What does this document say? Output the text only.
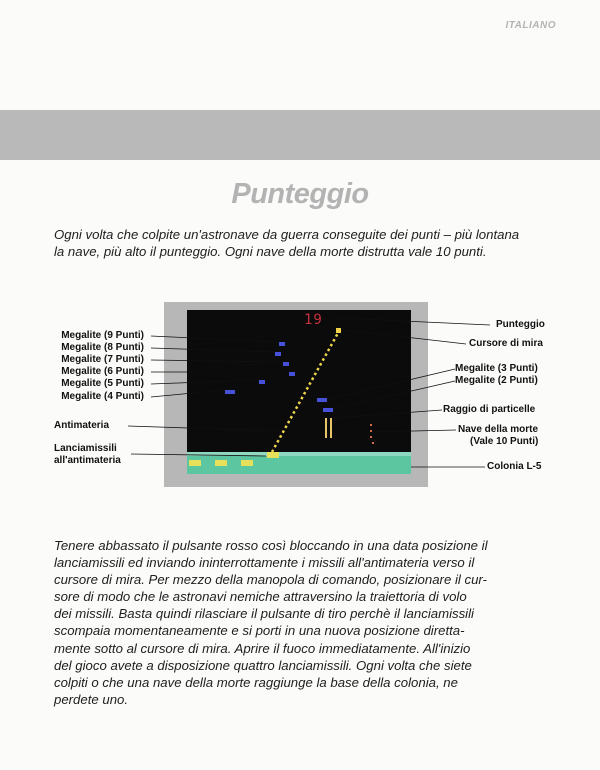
ITALIANO
Punteggio
Ogni volta che colpite un'astronave da guerra conseguite dei punti – più lontana
la nave, più alto il punteggio. Ogni nave della morte distrutta vale 10 punti.
19
Megalite (9 Punti)
Megalite (8 Punti)
Megalite (7 Punti)
Megalite (6 Punti)
Megalite (5 Punti)
Megalite (4 Punti)
Antimateria
Lanciamissili
all'antimateria
Punteggio
Cursore di mira
Megalite (3 Punti)
Megalite (2 Punti)
Raggio di particelle
Nave della morte
(Vale 10 Punti)
Colonia L-5
Tenere abbassato il pulsante rosso così bloccando in una data posizione il
lanciamissili ed inviando ininterrottamente i missili all'antimateria verso il
cursore di mira. Per mezzo della manopola di comando, posizionare il cur-
sore di modo che le astronavi nemiche attraversino la traiettoria di volo
dei missili. Basta quindi rilasciare il pulsante di tiro perchè il lanciamissili
scompaia momentaneamente e si porti in una nuova posizione diretta-
mente sotto al cursore di mira. Aprire il fuoco immediatamente. All'inizio
del gioco avete a disposizione quattro lanciamissili. Ogni volta che siete
colpiti o che una nave della morte raggiunge la base della colonia, ne
perdete uno.
